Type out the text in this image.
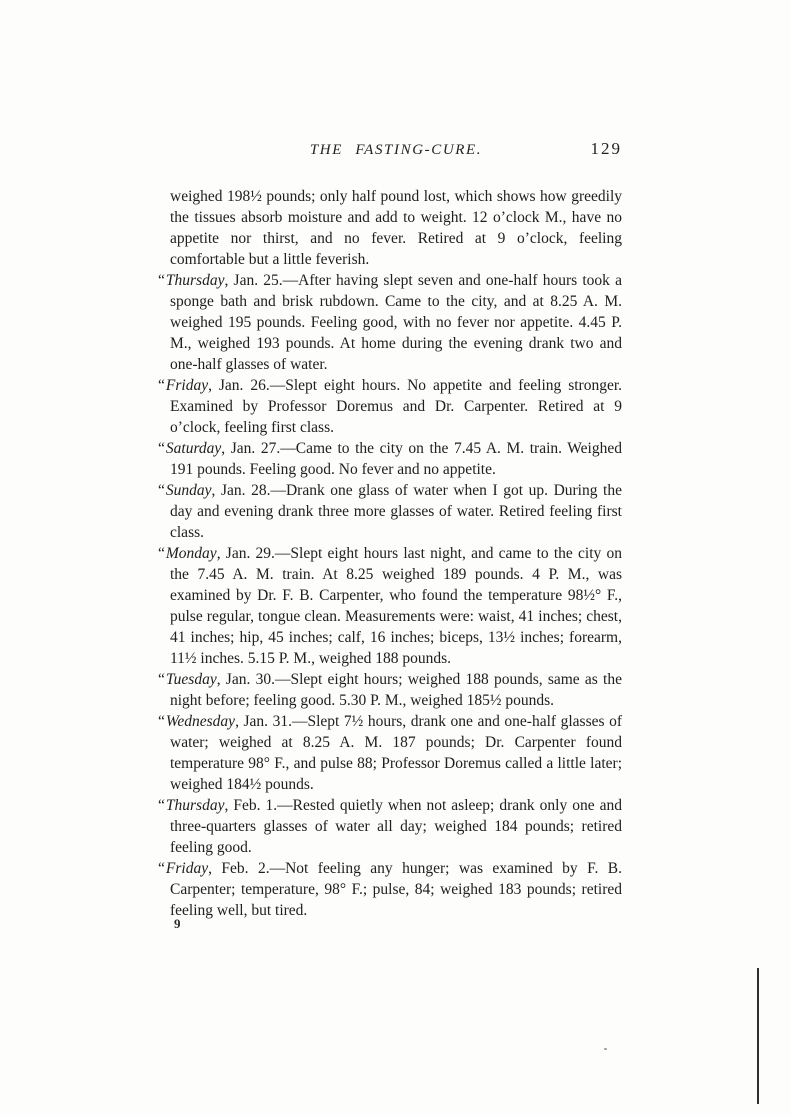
THE FASTING-CURE.	129

weighed 198½ pounds; only half pound lost, which shows how greedily the tissues absorb moisture and add to weight. 12 o’clock M., have no appetite nor thirst, and no fever. Retired at 9 o’clock, feeling comfortable but a little feverish.

“Thursday, Jan. 25.—After having slept seven and one-half hours took a sponge bath and brisk rubdown. Came to the city, and at 8.25 A. M. weighed 195 pounds. Feeling good, with no fever nor appetite. 4.45 P. M., weighed 193 pounds. At home during the evening drank two and one-half glasses of water.

“Friday, Jan. 26.—Slept eight hours. No appetite and feeling stronger. Examined by Professor Doremus and Dr. Carpenter. Retired at 9 o’clock, feeling first class.

“Saturday, Jan. 27.—Came to the city on the 7.45 A. M. train. Weighed 191 pounds. Feeling good. No fever and no appetite.

“Sunday, Jan. 28.—Drank one glass of water when I got up. During the day and evening drank three more glasses of water. Retired feeling first class.

“Monday, Jan. 29.—Slept eight hours last night, and came to the city on the 7.45 A. M. train. At 8.25 weighed 189 pounds. 4 P. M., was examined by Dr. F. B. Carpenter, who found the temperature 98½° F., pulse regular, tongue clean. Measurements were: waist, 41 inches; chest, 41 inches; hip, 45 inches; calf, 16 inches; biceps, 13½ inches; forearm, 11½ inches. 5.15 P. M., weighed 188 pounds.

“Tuesday, Jan. 30.—Slept eight hours; weighed 188 pounds, same as the night before; feeling good. 5.30 P. M., weighed 185½ pounds.

“Wednesday, Jan. 31.—Slept 7½ hours, drank one and one-half glasses of water; weighed at 8.25 A. M. 187 pounds; Dr. Carpenter found temperature 98° F., and pulse 88; Professor Doremus called a little later; weighed 184½ pounds.

“Thursday, Feb. 1.—Rested quietly when not asleep; drank only one and three-quarters glasses of water all day; weighed 184 pounds; retired feeling good.

“Friday, Feb. 2.—Not feeling any hunger; was examined by F. B. Carpenter; temperature, 98° F.; pulse, 84; weighed 183 pounds; retired feeling well, but tired.

9
